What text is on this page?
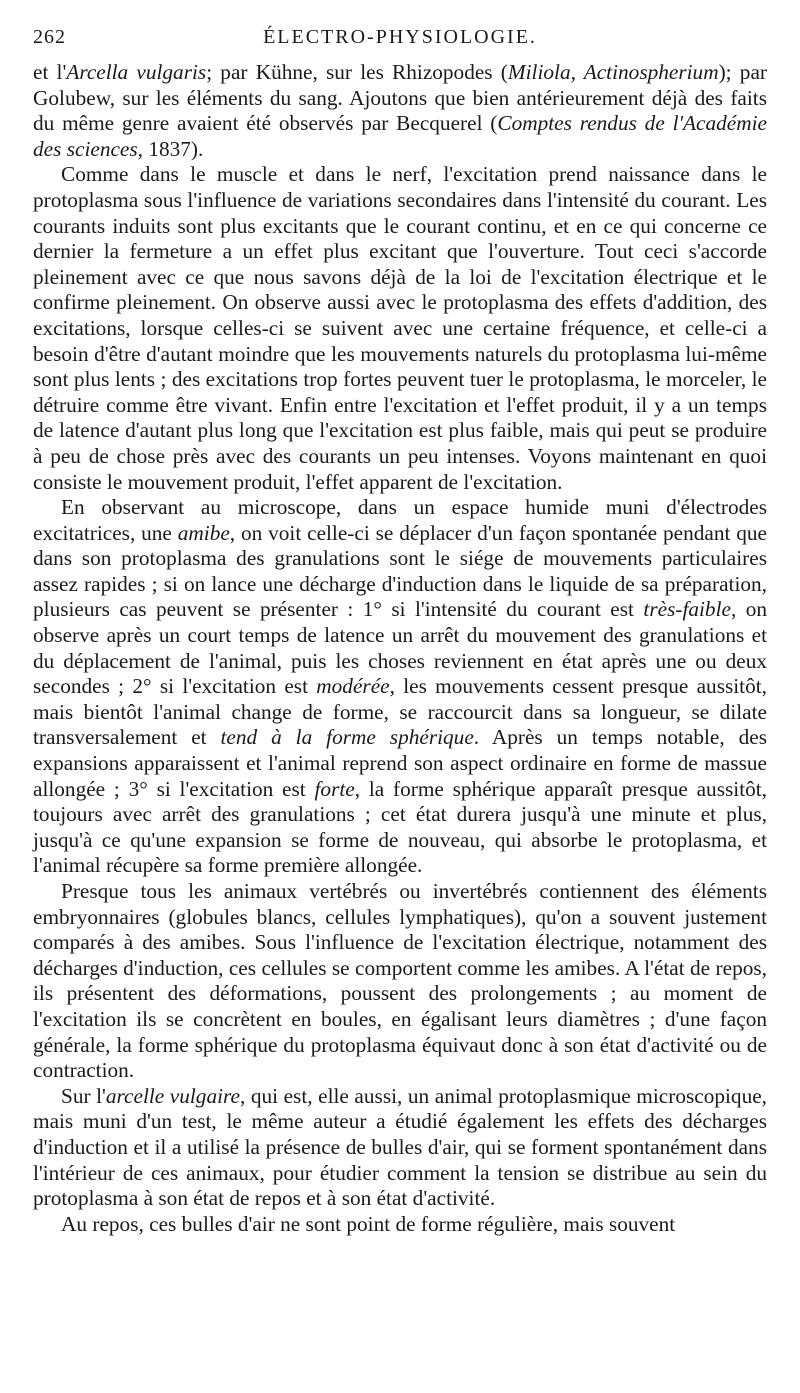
262	ÉLECTRO-PHYSIOLOGIE.

et l'Arcella vulgaris; par Kühne, sur les Rhizopodes (Miliola, Actinospherium); par Golubew, sur les éléments du sang. Ajoutons que bien antérieurement déjà des faits du même genre avaient été observés par Becquerel (Comptes rendus de l'Académie des sciences, 1837).

Comme dans le muscle et dans le nerf, l'excitation prend naissance dans le protoplasma sous l'influence de variations secondaires dans l'intensité du courant. Les courants induits sont plus excitants que le courant continu, et en ce qui concerne ce dernier la fermeture a un effet plus excitant que l'ouverture. Tout ceci s'accorde pleinement avec ce que nous savons déjà de la loi de l'excitation électrique et le confirme pleinement. On observe aussi avec le protoplasma des effets d'addition, des excitations, lorsque celles-ci se suivent avec une certaine fréquence, et celle-ci a besoin d'être d'autant moindre que les mouvements naturels du protoplasma lui-même sont plus lents ; des excitations trop fortes peuvent tuer le protoplasma, le morceler, le détruire comme être vivant. Enfin entre l'excitation et l'effet produit, il y a un temps de latence d'autant plus long que l'excitation est plus faible, mais qui peut se produire à peu de chose près avec des courants un peu intenses. Voyons maintenant en quoi consiste le mouvement produit, l'effet apparent de l'excitation.

En observant au microscope, dans un espace humide muni d'électrodes excitatrices, une amibe, on voit celle-ci se déplacer d'un façon spontanée pendant que dans son protoplasma des granulations sont le siége de mouvements particulaires assez rapides ; si on lance une décharge d'induction dans le liquide de sa préparation, plusieurs cas peuvent se présenter : 1° si l'intensité du courant est très-faible, on observe après un court temps de latence un arrêt du mouvement des granulations et du déplacement de l'animal, puis les choses reviennent en état après une ou deux secondes ; 2° si l'excitation est modérée, les mouvements cessent presque aussitôt, mais bientôt l'animal change de forme, se raccourcit dans sa longueur, se dilate transversalement et tend à la forme sphérique. Après un temps notable, des expansions apparaissent et l'animal reprend son aspect ordinaire en forme de massue allongée ; 3° si l'excitation est forte, la forme sphérique apparaît presque aussitôt, toujours avec arrêt des granulations ; cet état durera jusqu'à une minute et plus, jusqu'à ce qu'une expansion se forme de nouveau, qui absorbe le protoplasma, et l'animal récupère sa forme première allongée.

Presque tous les animaux vertébrés ou invertébrés contiennent des éléments embryonnaires (globules blancs, cellules lymphatiques), qu'on a souvent justement comparés à des amibes. Sous l'influence de l'excitation électrique, notamment des décharges d'induction, ces cellules se comportent comme les amibes. A l'état de repos, ils présentent des déformations, poussent des prolongements ; au moment de l'excitation ils se concrètent en boules, en égalisant leurs diamètres ; d'une façon générale, la forme sphérique du protoplasma équivaut donc à son état d'activité ou de contraction.

Sur l'arcelle vulgaire, qui est, elle aussi, un animal protoplasmique microscopique, mais muni d'un test, le même auteur a étudié également les effets des décharges d'induction et il a utilisé la présence de bulles d'air, qui se forment spontanément dans l'intérieur de ces animaux, pour étudier comment la tension se distribue au sein du protoplasma à son état de repos et à son état d'activité.

Au repos, ces bulles d'air ne sont point de forme régulière, mais souvent
